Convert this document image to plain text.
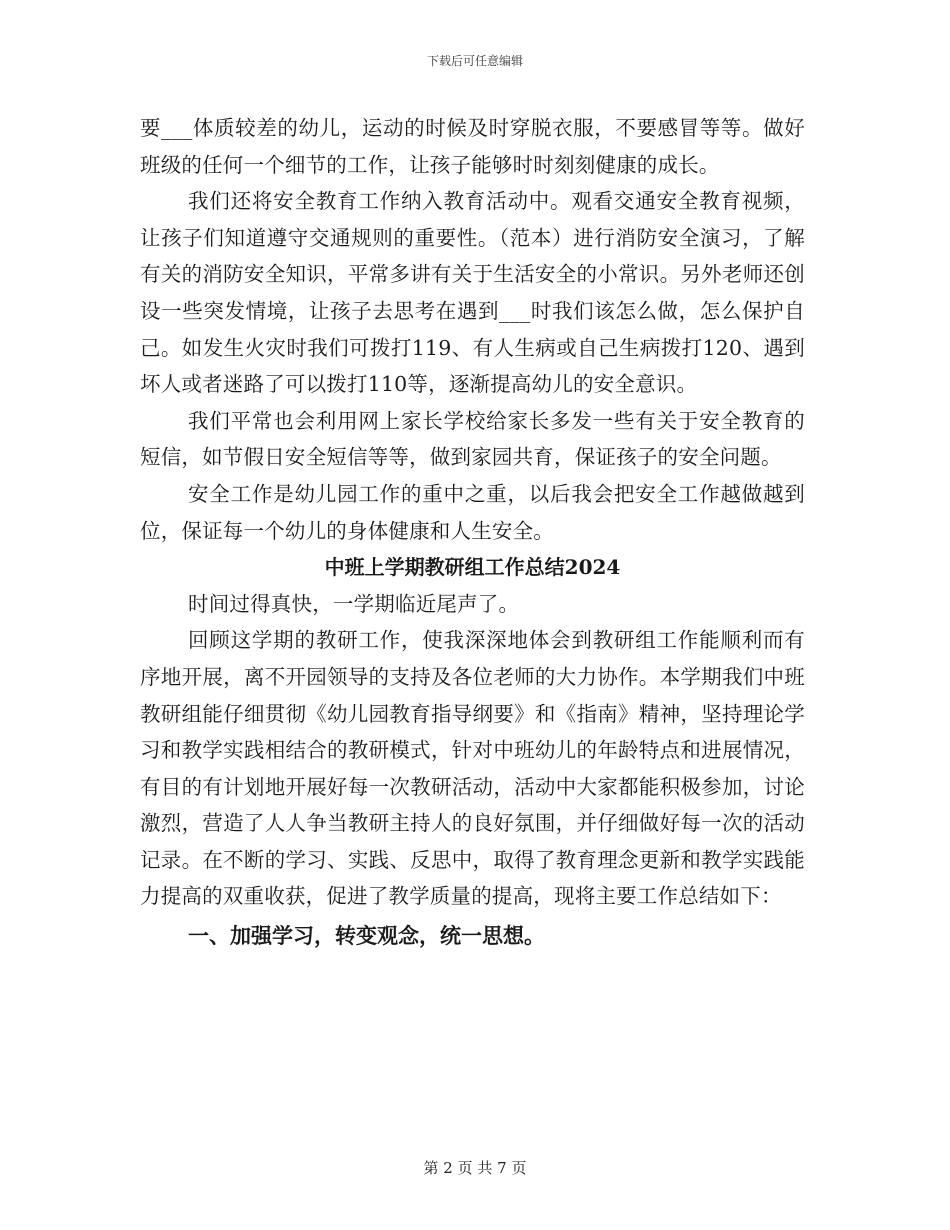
下载后可任意编辑

要___体质较差的幼儿，运动的时候及时穿脱衣服，不要感冒等等。做好班级的任何一个细节的工作，让孩子能够时时刻刻健康的成长。

我们还将安全教育工作纳入教育活动中。观看交通安全教育视频，让孩子们知道遵守交通规则的重要性。（范本）进行消防安全演习，了解有关的消防安全知识，平常多讲有关于生活安全的小常识。另外老师还创设一些突发情境，让孩子去思考在遇到___时我们该怎么做，怎么保护自己。如发生火灾时我们可拨打119、有人生病或自己生病拨打120、遇到坏人或者迷路了可以拨打110等，逐渐提高幼儿的安全意识。

我们平常也会利用网上家长学校给家长多发一些有关于安全教育的短信，如节假日安全短信等等，做到家园共育，保证孩子的安全问题。

安全工作是幼儿园工作的重中之重，以后我会把安全工作越做越到位，保证每一个幼儿的身体健康和人生安全。

中班上学期教研组工作总结2024

时间过得真快，一学期临近尾声了。

回顾这学期的教研工作，使我深深地体会到教研组工作能顺利而有序地开展，离不开园领导的支持及各位老师的大力协作。本学期我们中班教研组能仔细贯彻《幼儿园教育指导纲要》和《指南》精神，坚持理论学习和教学实践相结合的教研模式，针对中班幼儿的年龄特点和进展情况，有目的有计划地开展好每一次教研活动，活动中大家都能积极参加，讨论激烈，营造了人人争当教研主持人的良好氛围，并仔细做好每一次的活动记录。在不断的学习、实践、反思中，取得了教育理念更新和教学实践能力提高的双重收获，促进了教学质量的提高，现将主要工作总结如下：

一、加强学习，转变观念，统一思想。

第 2 页 共 7 页
